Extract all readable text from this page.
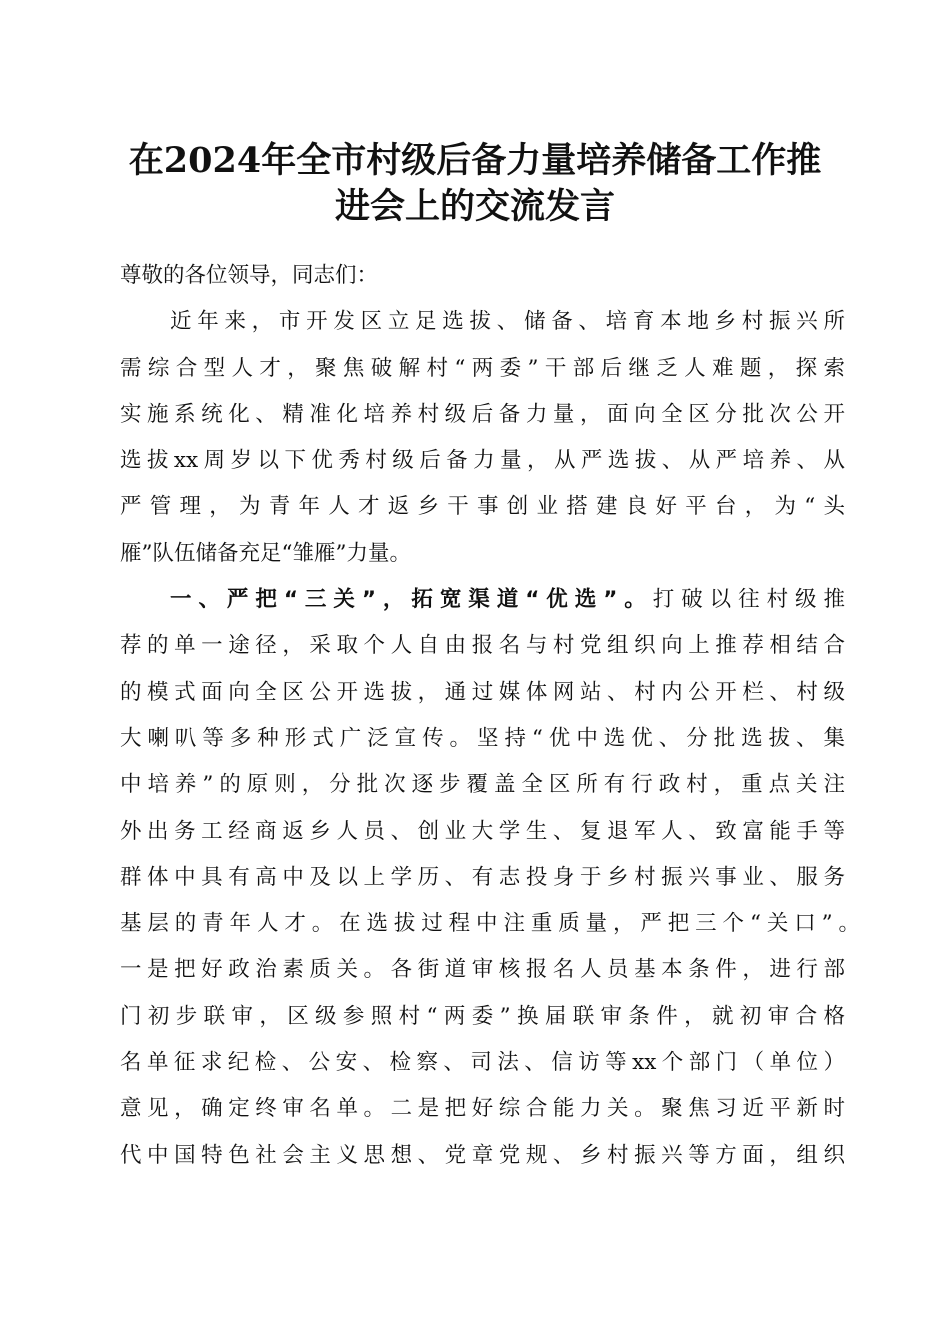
在2024年全市村级后备力量培养储备工作推
进会上的交流发言
尊敬的各位领导，同志们：
近年来，市开发区立足选拔、储备、培育本地乡村振兴所
需综合型人才，聚焦破解村“两委”干部后继乏人难题，探索
实施系统化、精准化培养村级后备力量，面向全区分批次公开
选拔xx周岁以下优秀村级后备力量，从严选拔、从严培养、从
严管理，为青年人才返乡干事创业搭建良好平台，为“头
雁”队伍储备充足“雏雁”力量。
一、严把“三关”，拓宽渠道“优选”。打破以往村级推
荐的单一途径，采取个人自由报名与村党组织向上推荐相结合
的模式面向全区公开选拔，通过媒体网站、村内公开栏、村级
大喇叭等多种形式广泛宣传。坚持“优中选优、分批选拔、集
中培养”的原则，分批次逐步覆盖全区所有行政村，重点关注
外出务工经商返乡人员、创业大学生、复退军人、致富能手等
群体中具有高中及以上学历、有志投身于乡村振兴事业、服务
基层的青年人才。在选拔过程中注重质量，严把三个“关口”。
一是把好政治素质关。各街道审核报名人员基本条件，进行部
门初步联审，区级参照村“两委”换届联审条件，就初审合格
名单征求纪检、公安、检察、司法、信访等xx个部门（单位）
意见，确定终审名单。二是把好综合能力关。聚焦习近平新时
代中国特色社会主义思想、党章党规、乡村振兴等方面，组织
